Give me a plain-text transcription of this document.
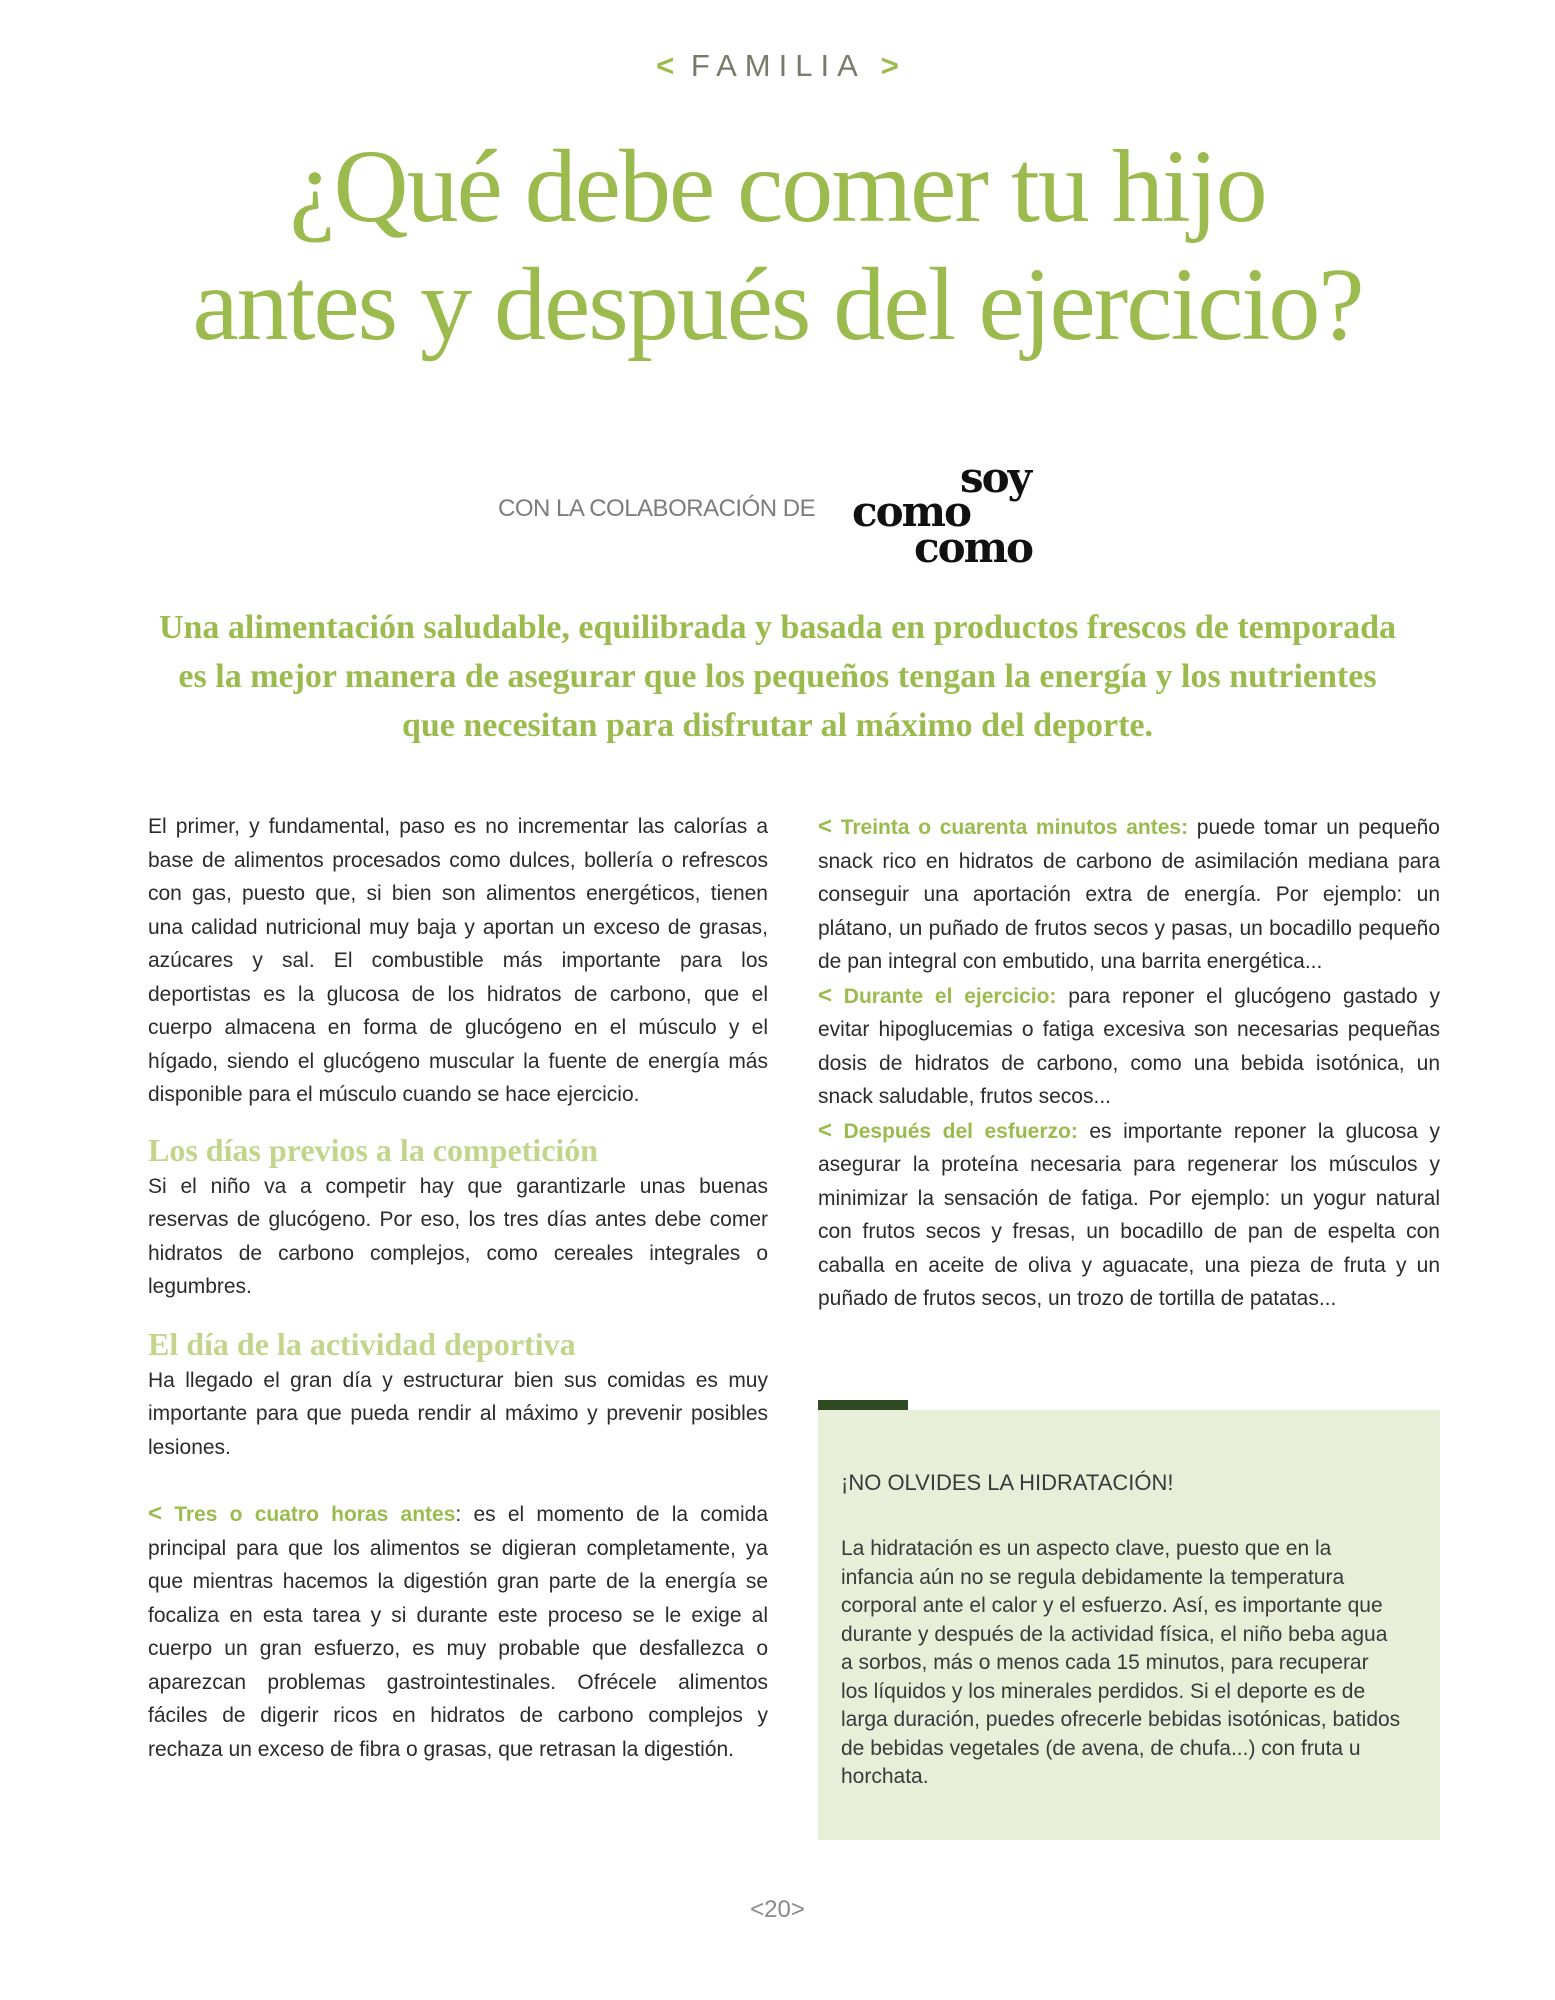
< FAMILIA >
¿Qué debe comer tu hijo
antes y después del ejercicio?
CON LA COLABORACIÓN DE
soy
como
como

Una alimentación saludable, equilibrada y basada en productos frescos de temporada es la mejor manera de asegurar que los pequeños tengan la energía y los nutrientes que necesitan para disfrutar al máximo del deporte.

El primer, y fundamental, paso es no incrementar las calorías a base de alimentos procesados como dulces, bollería o refrescos con gas, puesto que, si bien son alimentos energéticos, tienen una calidad nutricional muy baja y aportan un exceso de grasas, azúcares y sal. El combustible más importante para los deportistas es la glucosa de los hidratos de carbono, que el cuerpo almacena en forma de glucógeno en el músculo y el hígado, siendo el glucógeno muscular la fuente de energía más disponible para el músculo cuando se hace ejercicio.

Los días previos a la competición

Si el niño va a competir hay que garantizarle unas buenas reservas de glucógeno. Por eso, los tres días antes debe comer hidratos de carbono complejos, como cereales integrales o legumbres.

El día de la actividad deportiva

Ha llegado el gran día y estructurar bien sus comidas es muy importante para que pueda rendir al máximo y prevenir posibles lesiones.

< Tres o cuatro horas antes: es el momento de la comida principal para que los alimentos se digieran completamente, ya que mientras hacemos la digestión gran parte de la energía se focaliza en esta tarea y si durante este proceso se le exige al cuerpo un gran esfuerzo, es muy probable que desfallezca o aparezcan problemas gastrointestinales. Ofrécele alimentos fáciles de digerir ricos en hidratos de carbono complejos y rechaza un exceso de fibra o grasas, que retrasan la digestión.

< Treinta o cuarenta minutos antes: puede tomar un pequeño snack rico en hidratos de carbono de asimilación mediana para conseguir una aportación extra de energía. Por ejemplo: un plátano, un puñado de frutos secos y pasas, un bocadillo pequeño de pan integral con embutido, una barrita energética...

< Durante el ejercicio: para reponer el glucógeno gastado y evitar hipoglucemias o fatiga excesiva son necesarias pequeñas dosis de hidratos de carbono, como una bebida isotónica, un snack saludable, frutos secos...

< Después del esfuerzo: es importante reponer la glucosa y asegurar la proteína necesaria para regenerar los músculos y minimizar la sensación de fatiga. Por ejemplo: un yogur natural con frutos secos y fresas, un bocadillo de pan de espelta con caballa en aceite de oliva y aguacate, una pieza de fruta y un puñado de frutos secos, un trozo de tortilla de patatas...

¡NO OLVIDES LA HIDRATACIÓN!

La hidratación es un aspecto clave, puesto que en la infancia aún no se regula debidamente la temperatura corporal ante el calor y el esfuerzo. Así, es importante que durante y después de la actividad física, el niño beba agua a sorbos, más o menos cada 15 minutos, para recuperar los líquidos y los minerales perdidos. Si el deporte es de larga duración, puedes ofrecerle bebidas isotónicas, batidos de bebidas vegetales (de avena, de chufa...) con fruta u horchata.

<20>
